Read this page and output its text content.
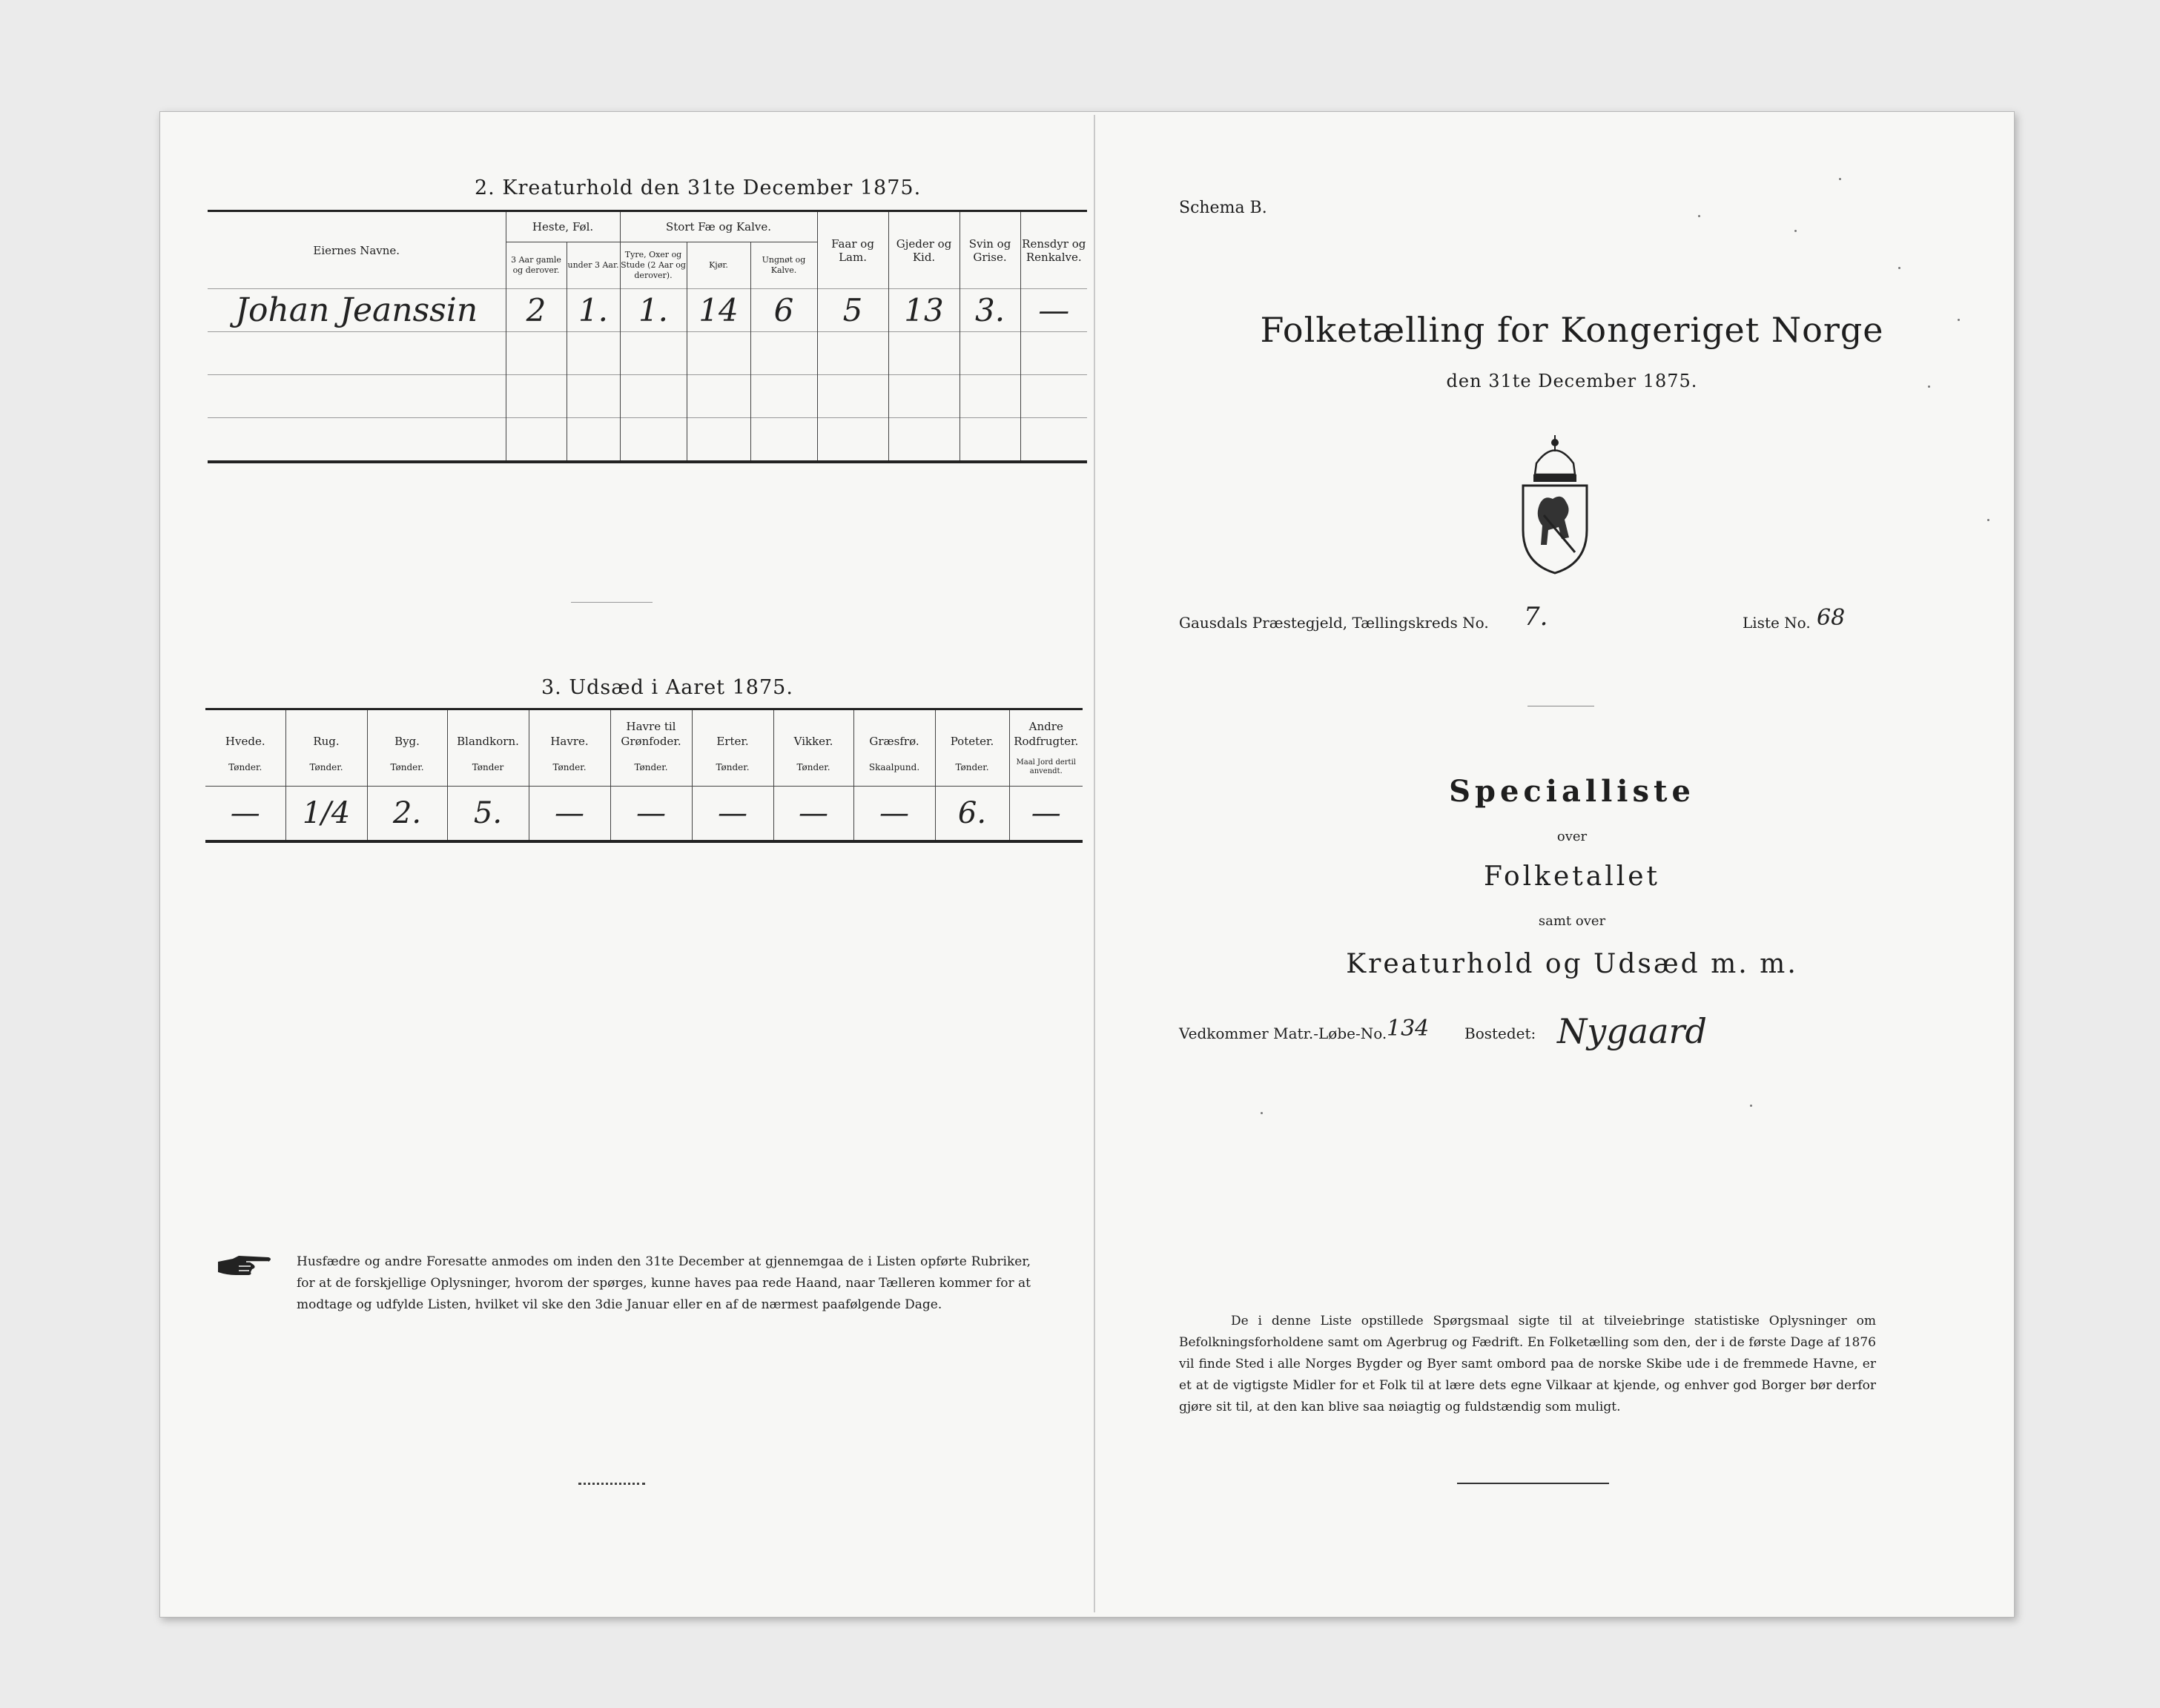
2. Kreaturhold den 31te December 1875.
Eiernes Navne.	Heste, Føl.		Stort Fæ og Kalve.			Faar og Lam.	Gjeder og Kid.	Svin og Grise.	Rensdyr og Renkalve.
	3 Aar gamle og derover.	under 3 Aar.	Tyre, Oxer og Stude (2 Aar og derover).	Kjør.	Ungnøt og Kalve.				
Johan Jeanssin	2	1.	1.	14	6	5	13	3.	—

3. Udsæd i Aaret 1875.
Hvede.	Rug.	Byg.	Blandkorn.	Havre.	Havre til Grønfoder.	Erter.	Vikker.	Græsfrø.	Poteter.	Andre Rodfrugter.
Tønder.	Tønder.	Tønder.	Tønder	Tønder.	Tønder.	Tønder.	Tønder.	Skaalpund.	Tønder.	Maal Jord dertil anvendt.
—	1/4	2.	5.	—	—	—	—	—	6.	—
Husfædre og andre Foresatte anmodes om inden den 31te December at gjennemgaa de i Listen opførte Rubriker, for at de forskjellige Oplysninger, hvorom der spørges, kunne haves paa rede Haand, naar Tælleren kommer for at modtage og udfylde Listen, hvilket vil ske den 3die Januar eller en af de nærmest paafølgende Dage.
Schema B.
Folketælling for Kongeriget Norge
den 31te December 1875.
Gausdals Præstegjeld, Tællingskreds No. 7.	Liste No. 68
Specialliste
over
Folketallet
samt over
Kreaturhold og Udsæd m. m.
Vedkommer Matr.-Løbe-No. 134 Bostedet: Nygaard
De i denne Liste opstillede Spørgsmaal sigte til at tilveiebringe statistiske Oplysninger om Befolkningsforholdene samt om Agerbrug og Fædrift. En Folketælling som den, der i de første Dage af 1876 vil finde Sted i alle Norges Bygder og Byer samt ombord paa de norske Skibe ude i de fremmede Havne, er et at de vigtigste Midler for et Folk til at lære dets egne Vilkaar at kjende, og enhver god Borger bør derfor gjøre sit til, at den kan blive saa nøiagtig og fuldstændig som muligt.
